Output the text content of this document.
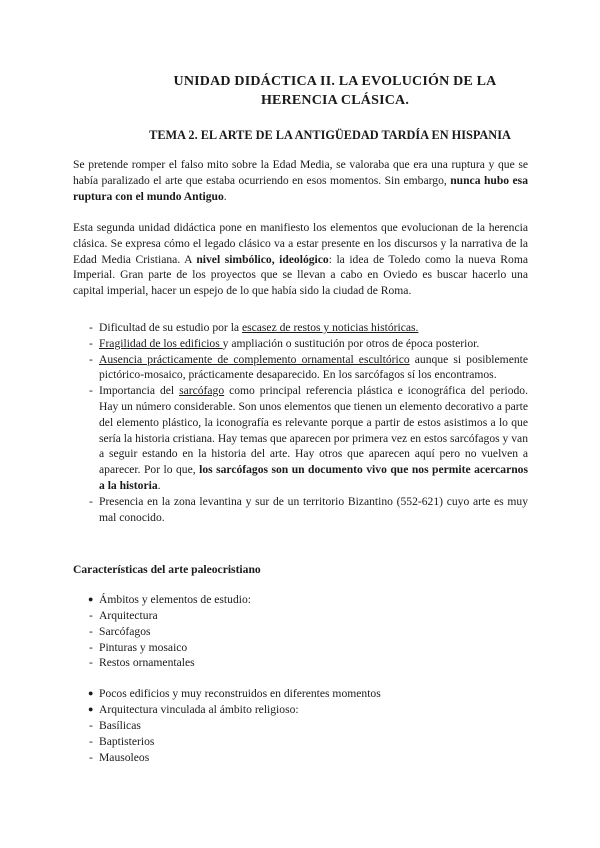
UNIDAD DIDÁCTICA II. LA EVOLUCIÓN DE LA
HERENCIA CLÁSICA.
TEMA 2. EL ARTE DE LA ANTIGÜEDAD TARDÍA EN HISPANIA

Se pretende romper el falso mito sobre la Edad Media, se valoraba que era una ruptura y que se había paralizado el arte que estaba ocurriendo en esos momentos. Sin embargo, nunca hubo esa ruptura con el mundo Antiguo.

Esta segunda unidad didáctica pone en manifiesto los elementos que evolucionan de la herencia clásica. Se expresa cómo el legado clásico va a estar presente en los discursos y la narrativa de la Edad Media Cristiana. A nivel simbólico, ideológico: la idea de Toledo como la nueva Roma Imperial. Gran parte de los proyectos que se llevan a cabo en Oviedo es buscar hacerlo una capital imperial, hacer un espejo de lo que había sido la ciudad de Roma.

- Dificultad de su estudio por la escasez de restos y noticias históricas.
- Fragilidad de los edificios y ampliación o sustitución por otros de época posterior.
- Ausencia prácticamente de complemento ornamental escultórico aunque si posiblemente pictórico-mosaico, prácticamente desaparecido. En los sarcófagos sí los encontramos.
- Importancia del sarcófago como principal referencia plástica e iconográfica del periodo. Hay un número considerable. Son unos elementos que tienen un elemento decorativo a parte del elemento plástico, la iconografía es relevante porque a partir de estos asistimos a lo que sería la historia cristiana. Hay temas que aparecen por primera vez en estos sarcófagos y van a seguir estando en la historia del arte. Hay otros que aparecen aquí pero no vuelven a aparecer. Por lo que, los sarcófagos son un documento vivo que nos permite acercarnos a la historia.
- Presencia en la zona levantina y sur de un territorio Bizantino (552-621) cuyo arte es muy mal conocido.
Características del arte paleocristiano
● Ámbitos y elementos de estudio:
- Arquitectura
- Sarcófagos
- Pinturas y mosaico
- Restos ornamentales
● Pocos edificios y muy reconstruidos en diferentes momentos
● Arquitectura vinculada al ámbito religioso:
- Basílicas
- Baptisterios
- Mausoleos
